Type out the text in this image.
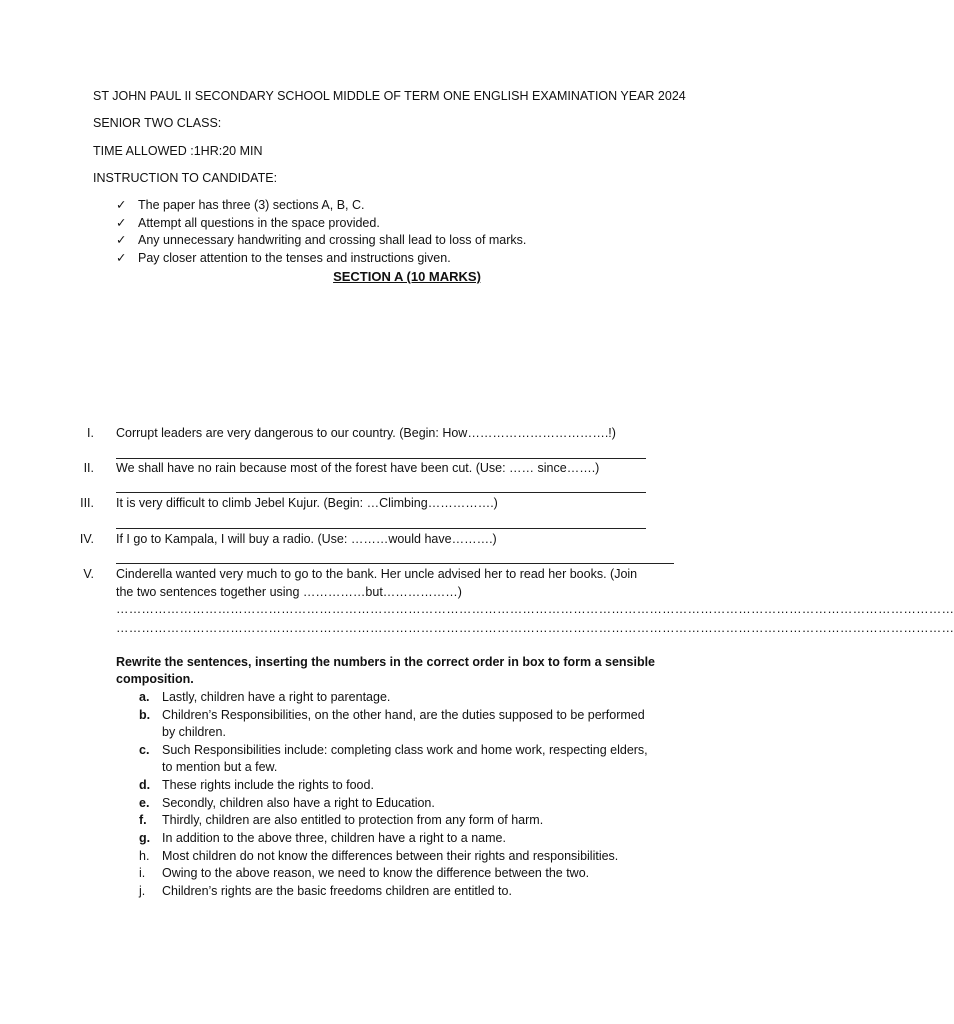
ST JOHN PAUL II SECONDARY SCHOOL MIDDLE OF TERM ONE ENGLISH EXAMINATION YEAR 2024
SENIOR TWO CLASS:
TIME ALLOWED :1HR:20 MIN
INSTRUCTION TO CANDIDATE:
✓ The paper has three (3) sections A, B, C.
✓ Attempt all questions in the space provided.
✓ Any unnecessary handwriting and crossing shall lead to loss of marks.
✓ Pay closer attention to the tenses and instructions given.
SECTION A (10 MARKS)
I. Corrupt leaders are very dangerous to our country. (Begin: How…………………………….!)
II. We shall have no rain because most of the forest have been cut. (Use: …… since…….)
III. It is very difficult to climb Jebel Kujur. (Begin: …Climbing…………….)
IV. If I go to Kampala, I will buy a radio. (Use: ………would have……….)
V. Cinderella wanted very much to go to the bank. Her uncle advised her to read her books. (Join
the two sentences together using ……………but………………)
………………………………………………………………………………………………………………………………………………………………………………
………………………………………………………………………………………………………………………………………………………………………………
Rewrite the sentences, inserting the numbers in the correct order in box to form a sensible
composition.
a.	Lastly, children have a right to parentage.
b. Children’s Responsibilities, on the other hand, are the duties supposed to be performed
by children.
c.	Such Responsibilities include: completing class work and home work, respecting elders,
to mention but a few.
d. These rights include the rights to food.
e.	Secondly, children also have a right to Education.
f.	Thirdly, children are also entitled to protection from any form of harm.
g. In addition to the above three, children have a right to a name.
h.	Most children do not know the differences between their rights and responsibilities.
i.	Owing to the above reason, we need to know the difference between the two.
j.	Children’s rights are the basic freedoms children are entitled to.
